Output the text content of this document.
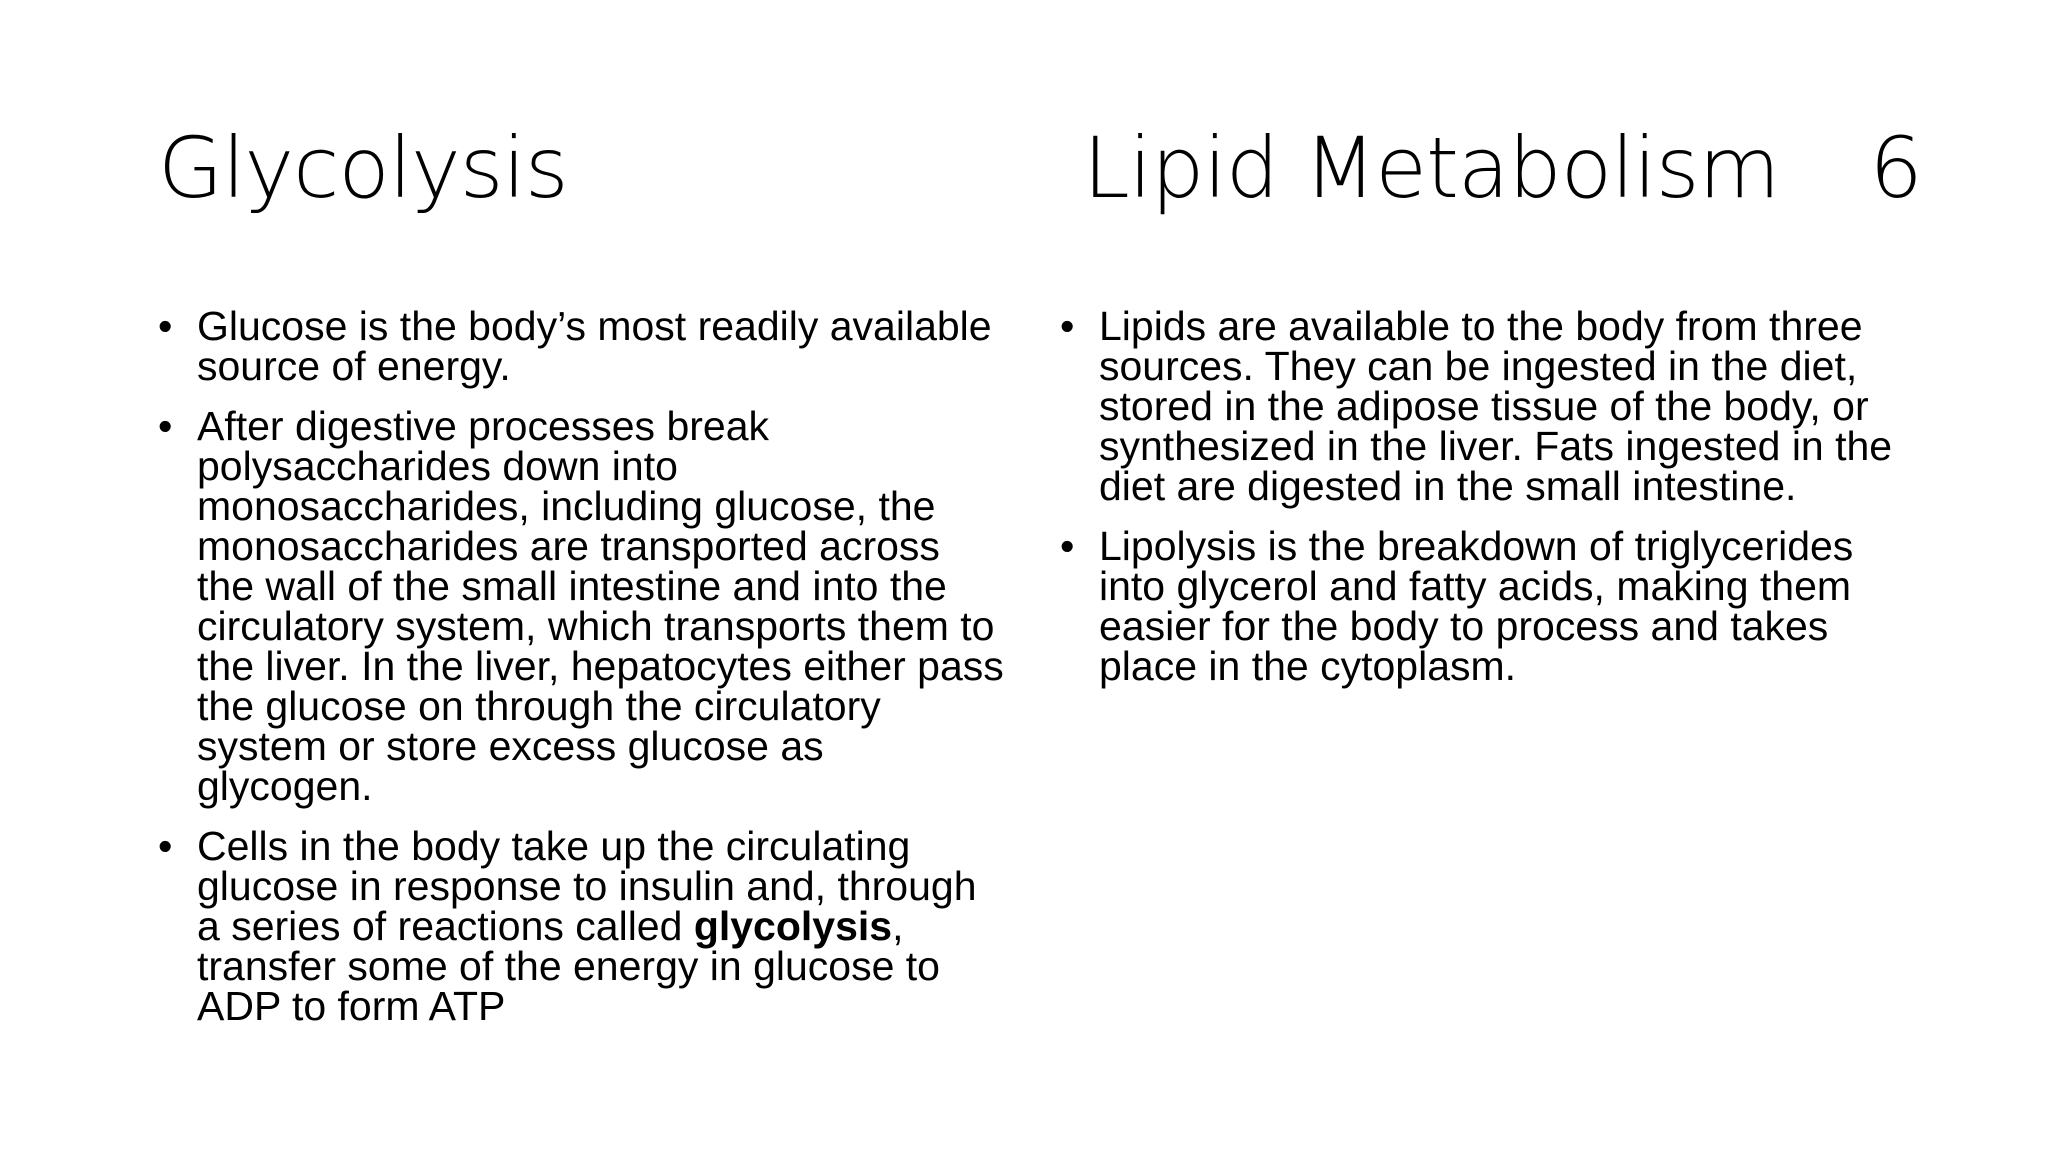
Glycolysis	Lipid Metabolism 6
• Glucose is the body’s most readily available source of energy.
• After digestive processes break polysaccharides down into monosaccharides, including glucose, the monosaccharides are transported across the wall of the small intestine and into the circulatory system, which transports them to the liver. In the liver, hepatocytes either pass the glucose on through the circulatory system or store excess glucose as glycogen.
• Cells in the body take up the circulating glucose in response to insulin and, through a series of reactions called glycolysis, transfer some of the energy in glucose to ADP to form ATP
• Lipids are available to the body from three sources. They can be ingested in the diet, stored in the adipose tissue of the body, or synthesized in the liver. Fats ingested in the diet are digested in the small intestine.
• Lipolysis is the breakdown of triglycerides into glycerol and fatty acids, making them easier for the body to process and takes place in the cytoplasm.
